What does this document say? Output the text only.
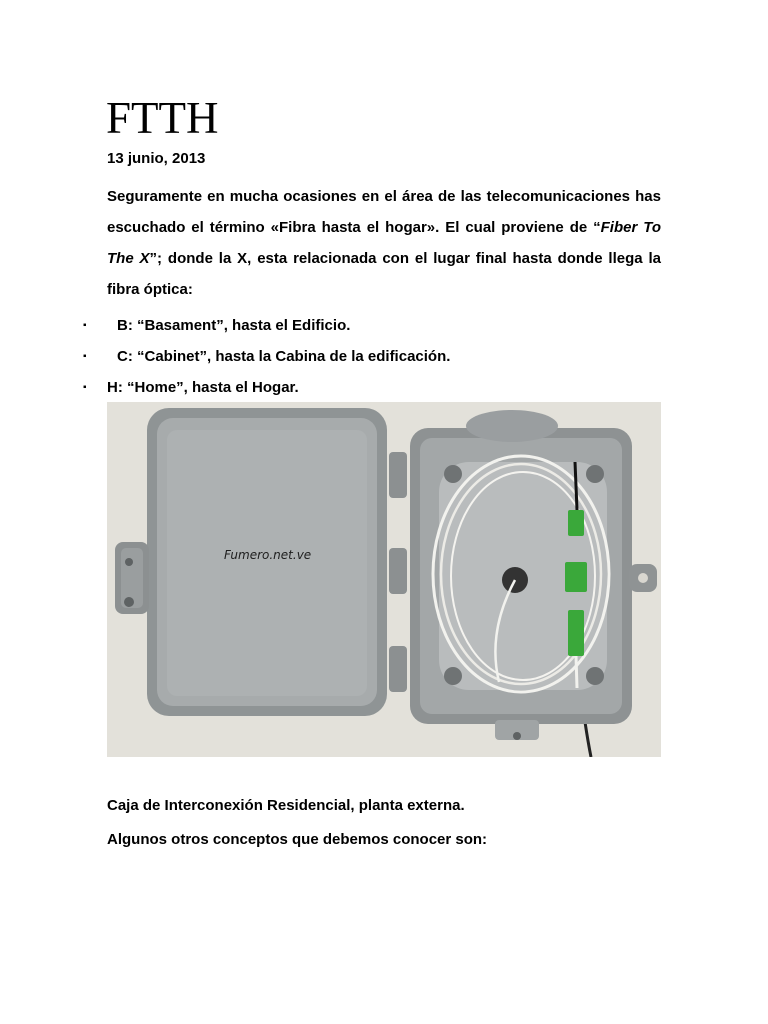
FTTH
13 junio, 2013

Seguramente en mucha ocasiones en el área de las telecomunicaciones has escuchado el término «Fibra hasta el hogar». El cual proviene de “Fiber To The X”; donde la X, esta relacionada con el lugar final hasta donde llega la fibra óptica:

▪ B: “Basament”, hasta el Edificio.
▪ C: “Cabinet”, hasta la Cabina de la edificación.
▪ H: “Home”, hasta el Hogar.
Fumero.net.ve
Caja de Interconexión Residencial, planta externa.
Algunos otros conceptos que debemos conocer son:
